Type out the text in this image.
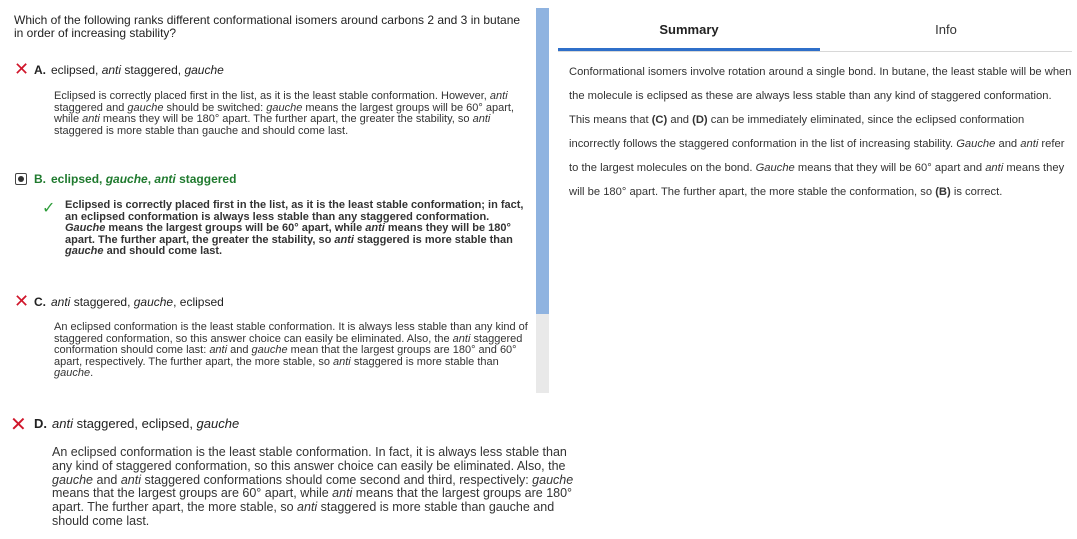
Which of the following ranks different conformational isomers around carbons 2 and 3 in butane in order of increasing stability?
✕ A. eclipsed, anti staggered, gauche
Eclipsed is correctly placed first in the list, as it is the least stable conformation. However, anti staggered and gauche should be switched: gauche means the largest groups will be 60° apart, while anti means they will be 180° apart. The further apart, the greater the stability, so anti staggered is more stable than gauche and should come last.
B. eclipsed, gauche, anti staggered
✓ Eclipsed is correctly placed first in the list, as it is the least stable conformation; in fact, an eclipsed conformation is always less stable than any staggered conformation. Gauche means the largest groups will be 60° apart, while anti means they will be 180° apart. The further apart, the greater the stability, so anti staggered is more stable than gauche and should come last.
✕ C. anti staggered, gauche, eclipsed
An eclipsed conformation is the least stable conformation. It is always less stable than any kind of staggered conformation, so this answer choice can easily be eliminated. Also, the anti staggered conformation should come last: anti and gauche mean that the largest groups are 180° and 60° apart, respectively. The further apart, the more stable, so anti staggered is more stable than gauche.
✕ D. anti staggered, eclipsed, gauche
An eclipsed conformation is the least stable conformation. In fact, it is always less stable than any kind of staggered conformation, so this answer choice can easily be eliminated. Also, the gauche and anti staggered conformations should come second and third, respectively: gauche means that the largest groups are 60° apart, while anti means that the largest groups are 180° apart. The further apart, the more stable, so anti staggered is more stable than gauche and should come last.
Summary	Info
Conformational isomers involve rotation around a single bond. In butane, the least stable will be when the molecule is eclipsed as these are always less stable than any kind of staggered conformation. This means that (C) and (D) can be immediately eliminated, since the eclipsed conformation incorrectly follows the staggered conformation in the list of increasing stability. Gauche and anti refer to the largest molecules on the bond. Gauche means that they will be 60° apart and anti means they will be 180° apart. The further apart, the more stable the conformation, so (B) is correct.
